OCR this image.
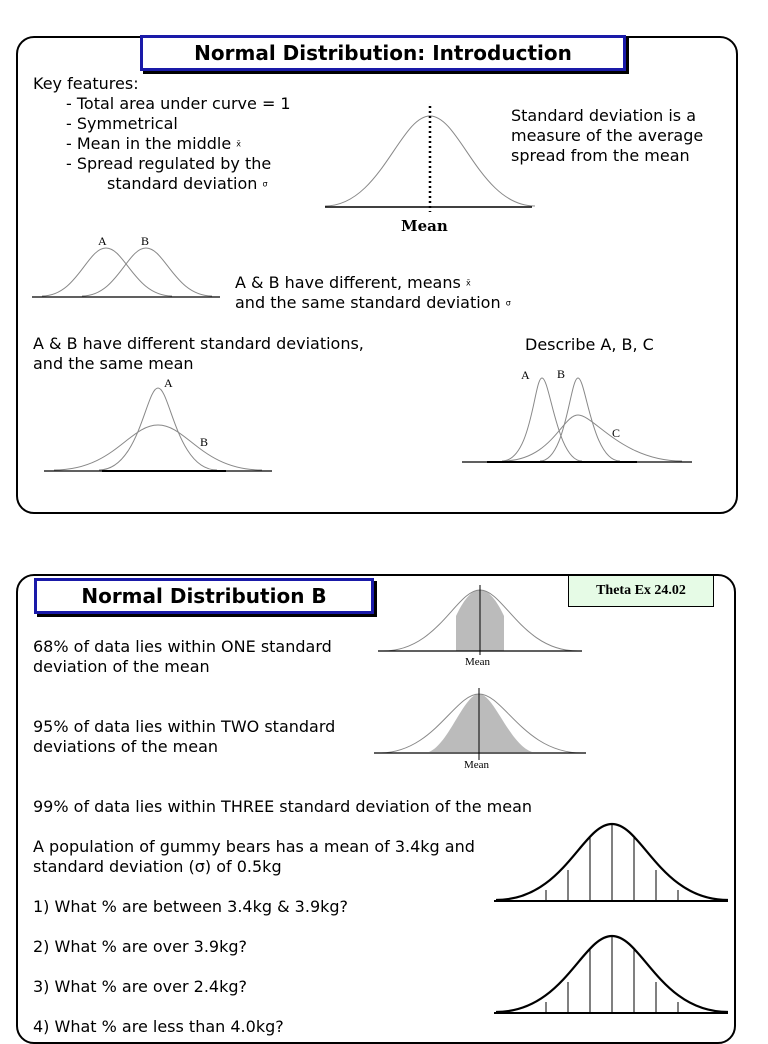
Normal Distribution: Introduction
Key features:
- Total area under curve = 1
- Symmetrical
- Mean in the middle x̄
- Spread regulated by the
standard deviation σ
Standard deviation is a
measure of the average
spread from the mean
Mean
A	B
A & B have different, means x̄
and the same standard deviation σ
A & B have different standard deviations,
and the same mean
A
B
Describe A, B, C
A B
C
Normal Distribution B	Theta Ex 24.02
68% of data lies within ONE standard
deviation of the mean	Mean
95% of data lies within TWO standard
deviations of the mean
Mean
99% of data lies within THREE standard deviation of the mean
A population of gummy bears has a mean of 3.4kg and
standard deviation (σ) of 0.5kg
1) What % are between 3.4kg & 3.9kg?
2) What % are over 3.9kg?
3) What % are over 2.4kg?
4) What % are less than 4.0kg?
